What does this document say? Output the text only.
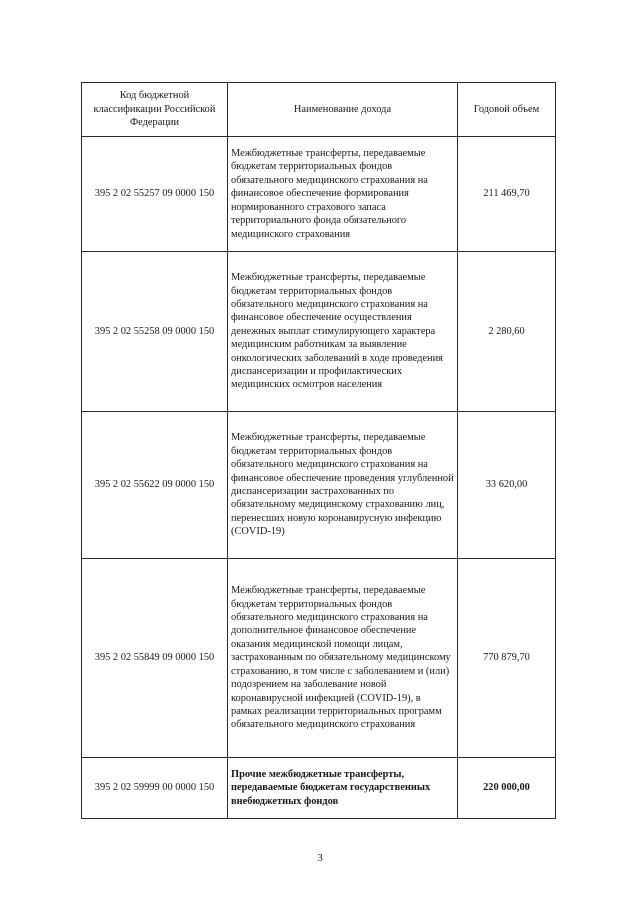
Код бюджетной классификации Российской Федерации	Наименование дохода	Годовой объем
395 2 02 55257 09 0000 150	Межбюджетные трансферты, передаваемые бюджетам территориальных фондов обязательного медицинского страхования на финансовое обеспечение формирования нормированного страхового запаса территориального фонда обязательного медицинского страхования	211 469,70
395 2 02 55258 09 0000 150	Межбюджетные трансферты, передаваемые бюджетам территориальных фондов обязательного медицинского страхования на финансовое обеспечение осуществления денежных выплат стимулирующего характера медицинским работникам за выявление онкологических заболеваний в ходе проведения диспансеризации и профилактических медицинских осмотров населения	2 280,60
395 2 02 55622 09 0000 150	Межбюджетные трансферты, передаваемые бюджетам территориальных фондов обязательного медицинского страхования на финансовое обеспечение проведения углубленной диспансеризации застрахованных по обязательному медицинскому страхованию лиц, перенесших новую коронавирусную инфекцию (COVID-19)	33 620,00
395 2 02 55849 09 0000 150	Межбюджетные трансферты, передаваемые бюджетам территориальных фондов обязательного медицинского страхования на дополнительное финансовое обеспечение оказания медицинской помощи лицам, застрахованным по обязательному медицинскому страхованию, в том числе с заболеванием и (или) подозрением на заболевание новой коронавирусной инфекцией (COVID-19), в рамках реализации территориальных программ обязательного медицинского страхования	770 879,70
395 2 02 59999 00 0000 150	Прочие межбюджетные трансферты, передаваемые бюджетам государственных внебюджетных фондов	220 000,00
3
